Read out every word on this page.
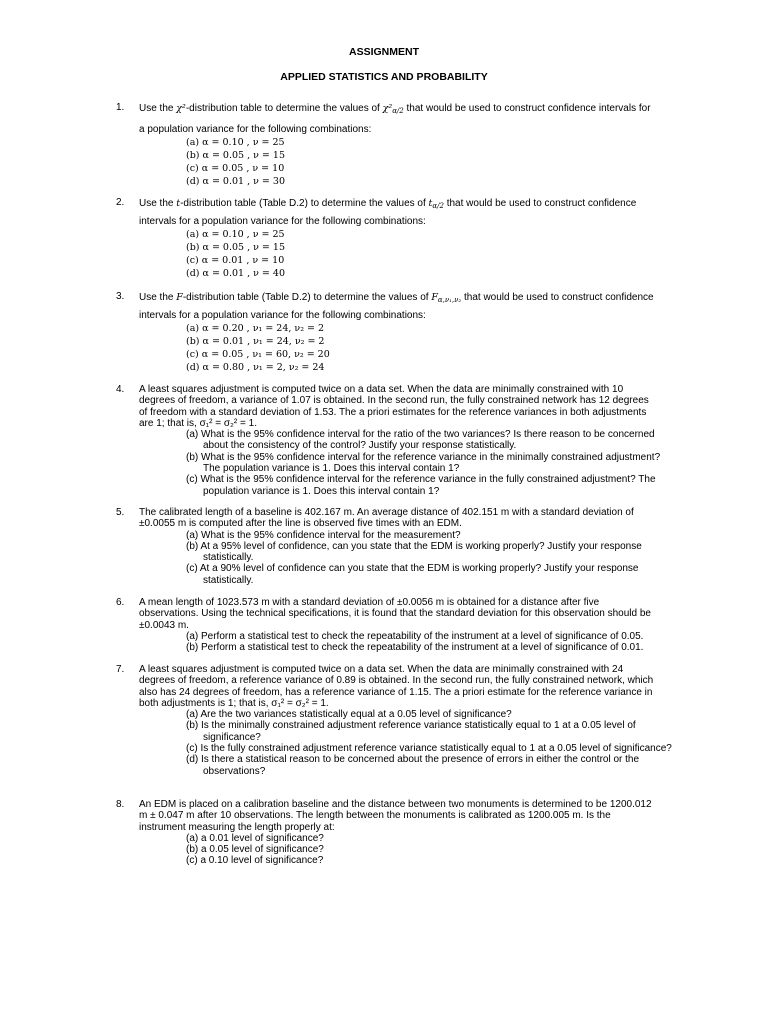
ASSIGNMENT
APPLIED STATISTICS AND PROBABILITY
1. Use the χ²-distribution table to determine the values of $\chi^2_{\alpha/2}$ that would be used to construct confidence intervals for
a population variance for the following combinations:
(a) α = 0.10 , ν = 25
(b) α = 0.05 , ν = 15
(c) α = 0.05 , ν = 10
(d) α = 0.01 , ν = 30
2. Use the t-distribution table (Table D.2) to determine the values of $t_{\alpha/2}$ that would be used to construct confidence
intervals for a population variance for the following combinations:
(a) α = 0.10 , ν = 25
(b) α = 0.05 , ν = 15
(c) α = 0.01 , ν = 10
(d) α = 0.01 , ν = 40
3. Use the F-distribution table (Table D.2) to determine the values of $F_{\alpha,\nu_1,\nu_2}$ that would be used to construct confidence
intervals for a population variance for the following combinations:
(a) α = 0.20 , ν₁ = 24, ν₂ = 2
(b) α = 0.01 , ν₁ = 24, ν₂ = 2
(c) α = 0.05 , ν₁ = 60, ν₂ = 20
(d) α = 0.80 , ν₁ = 2, ν₂ = 24
4. A least squares adjustment is computed twice on a data set. When the data are minimally constrained with 10
degrees of freedom, a variance of 1.07 is obtained. In the second run, the fully constrained network has 12 degrees
of freedom with a standard deviation of 1.53. The a priori estimates for the reference variances in both adjustments
are 1; that is, σ₁² = σ₂² = 1.
(a) What is the 95% confidence interval for the ratio of the two variances? Is there reason to be concerned about the consistency of the control? Justify your response statistically.
(b) What is the 95% confidence interval for the reference variance in the minimally constrained adjustment? The population variance is 1. Does this interval contain 1?
(c) What is the 95% confidence interval for the reference variance in the fully constrained adjustment? The population variance is 1. Does this interval contain 1?
5. The calibrated length of a baseline is 402.167 m. An average distance of 402.151 m with a standard deviation of
±0.0055 m is computed after the line is observed five times with an EDM.
(a) What is the 95% confidence interval for the measurement?
(b) At a 95% level of confidence, can you state that the EDM is working properly? Justify your response statistically.
(c) At a 90% level of confidence can you state that the EDM is working properly? Justify your response statistically.
6. A mean length of 1023.573 m with a standard deviation of ±0.0056 m is obtained for a distance after five
observations. Using the technical specifications, it is found that the standard deviation for this observation should be
±0.0043 m.
(a) Perform a statistical test to check the repeatability of the instrument at a level of significance of 0.05.
(b) Perform a statistical test to check the repeatability of the instrument at a level of significance of 0.01.
7. A least squares adjustment is computed twice on a data set. When the data are minimally constrained with 24
degrees of freedom, a reference variance of 0.89 is obtained. In the second run, the fully constrained network, which
also has 24 degrees of freedom, has a reference variance of 1.15. The a priori estimate for the reference variance in
both adjustments is 1; that is, σ₁² = σ₂² = 1.
(a) Are the two variances statistically equal at a 0.05 level of significance?
(b) Is the minimally constrained adjustment reference variance statistically equal to 1 at a 0.05 level of significance?
(c) Is the fully constrained adjustment reference variance statistically equal to 1 at a 0.05 level of significance?
(d) Is there a statistical reason to be concerned about the presence of errors in either the control or the observations?
8. An EDM is placed on a calibration baseline and the distance between two monuments is determined to be 1200.012
m ± 0.047 m after 10 observations. The length between the monuments is calibrated as 1200.005 m. Is the
instrument measuring the length properly at:
(a) a 0.01 level of significance?
(b) a 0.05 level of significance?
(c) a 0.10 level of significance?
